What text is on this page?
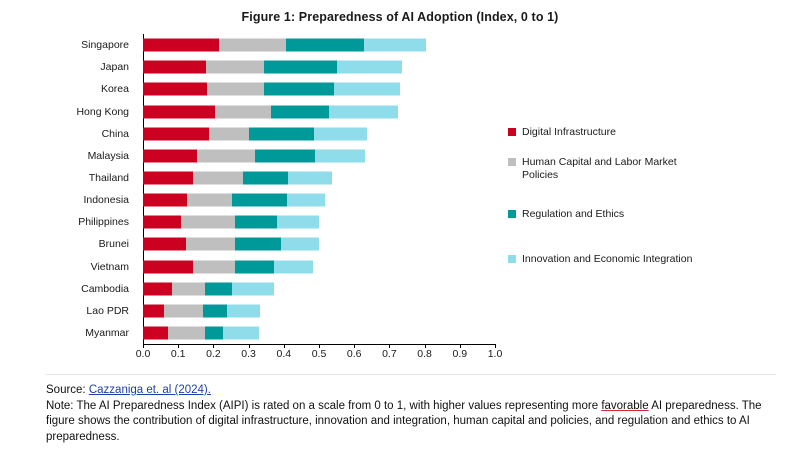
Figure 1: Preparedness of AI Adoption (Index, 0 to 1)
Singapore
Japan
Korea
Hong Kong
China
Malaysia
Thailand
Indonesia
Philippines
Brunei
Vietnam
Cambodia
Lao PDR
Myanmar
0.0 0.1 0.2 0.3 0.4 0.5 0.6 0.7 0.8 0.9 1.0
Digital Infrastructure
Human Capital and Labor Market Policies
Regulation and Ethics
Innovation and Economic Integration
Source: Cazzaniga et. al (2024).
Note: The AI Preparedness Index (AIPI) is rated on a scale from 0 to 1, with higher values representing more favorable AI preparedness. The figure shows the contribution of digital infrastructure, innovation and integration, human capital and policies, and regulation and ethics to AI preparedness.
